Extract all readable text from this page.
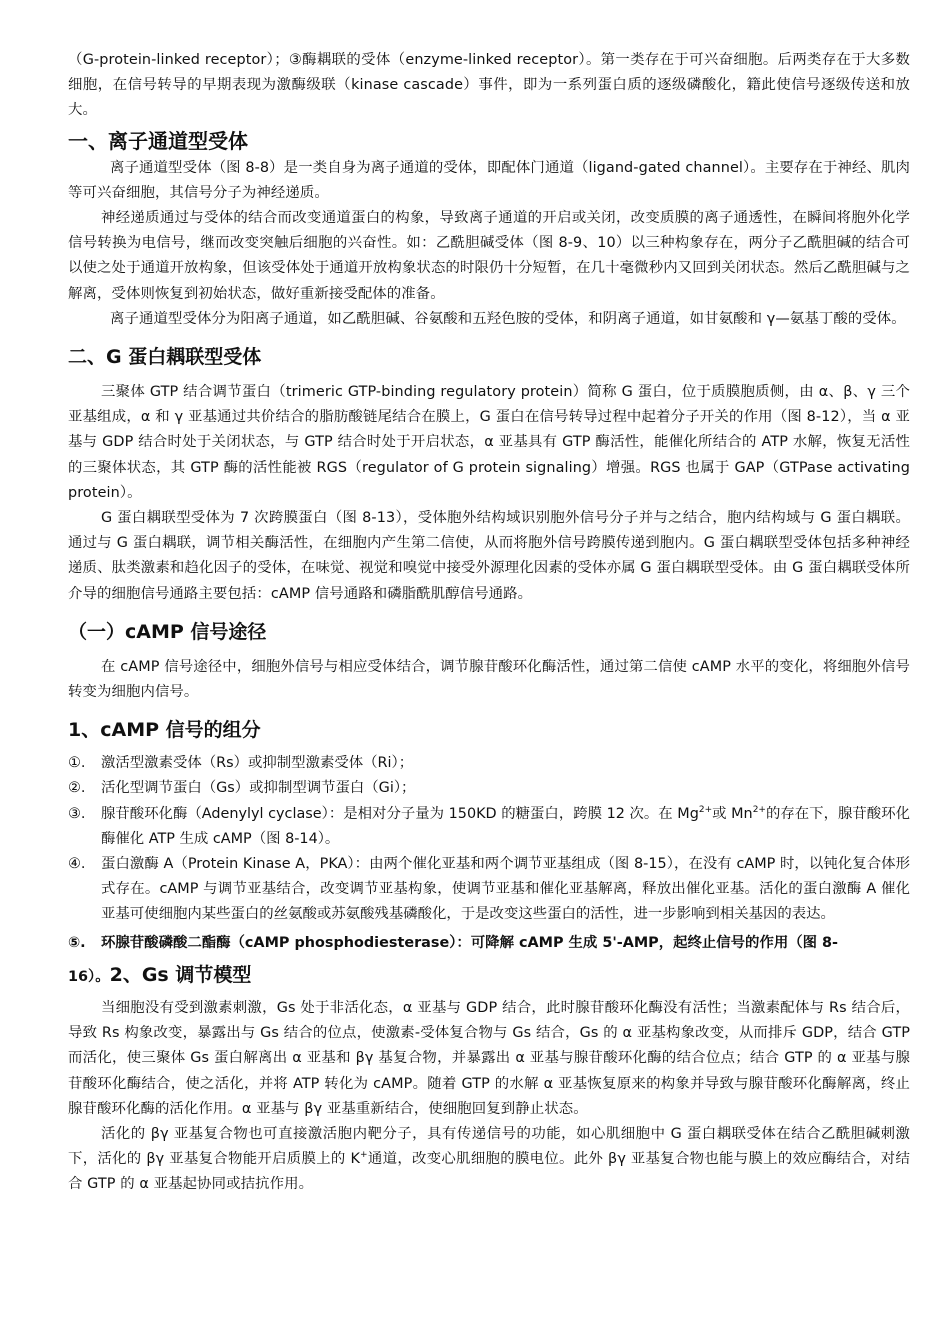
（G-protein-linked receptor）；③酶耦联的受体（enzyme-linked receptor）。第一类存在于可兴奋细胞。后两类存在于大多数细胞，在信号转导的早期表现为激酶级联（kinase cascade）事件，即为一系列蛋白质的逐级磷酸化，籍此使信号逐级传送和放大。

一、离子通道型受体

离子通道型受体（图 8-8）是一类自身为离子通道的受体，即配体门通道（ligand-gated channel）。主要存在于神经、肌肉等可兴奋细胞，其信号分子为神经递质。

神经递质通过与受体的结合而改变通道蛋白的构象，导致离子通道的开启或关闭，改变质膜的离子通透性，在瞬间将胞外化学信号转换为电信号，继而改变突触后细胞的兴奋性。如：乙酰胆碱受体（图 8-9、10）以三种构象存在，两分子乙酰胆碱的结合可以使之处于通道开放构象，但该受体处于通道开放构象状态的时限仍十分短暂，在几十毫微秒内又回到关闭状态。然后乙酰胆碱与之解离，受体则恢复到初始状态，做好重新接受配体的准备。

离子通道型受体分为阳离子通道，如乙酰胆碱、谷氨酸和五羟色胺的受体，和阴离子通道，如甘氨酸和 γ—氨基丁酸的受体。

二、G 蛋白耦联型受体

三聚体 GTP 结合调节蛋白（trimeric GTP-binding regulatory protein）简称 G 蛋白，位于质膜胞质侧，由 α、β、γ 三个亚基组成，α 和 γ 亚基通过共价结合的脂肪酸链尾结合在膜上，G 蛋白在信号转导过程中起着分子开关的作用（图 8-12），当 α 亚基与 GDP 结合时处于关闭状态，与 GTP 结合时处于开启状态，α 亚基具有 GTP 酶活性，能催化所结合的 ATP 水解，恢复无活性的三聚体状态，其 GTP 酶的活性能被 RGS（regulator of G protein signaling）增强。RGS 也属于 GAP（GTPase activating protein）。

G 蛋白耦联型受体为 7 次跨膜蛋白（图 8-13），受体胞外结构域识别胞外信号分子并与之结合，胞内结构域与 G 蛋白耦联。通过与 G 蛋白耦联，调节相关酶活性，在细胞内产生第二信使，从而将胞外信号跨膜传递到胞内。G 蛋白耦联型受体包括多种神经递质、肽类激素和趋化因子的受体，在味觉、视觉和嗅觉中接受外源理化因素的受体亦属 G 蛋白耦联型受体。由 G 蛋白耦联受体所介导的细胞信号通路主要包括：cAMP 信号通路和磷脂酰肌醇信号通路。

（一）cAMP 信号途径

在 cAMP 信号途径中，细胞外信号与相应受体结合，调节腺苷酸环化酶活性，通过第二信使 cAMP 水平的变化，将细胞外信号转变为细胞内信号。

1、cAMP 信号的组分
①. 激活型激素受体（Rs）或抑制型激素受体（Ri）；
②. 活化型调节蛋白（Gs）或抑制型调节蛋白（Gi）；
③. 腺苷酸环化酶（Adenylyl cyclase）：是相对分子量为 150KD 的糖蛋白，跨膜 12 次。在 $Mg^{2+}$或 $Mn^{2+}$的存在下，腺苷酸环化酶催化 ATP 生成 cAMP（图 8-14）。
④. 蛋白激酶 A（Protein Kinase A，PKA）：由两个催化亚基和两个调节亚基组成（图 8-15），在没有 cAMP 时，以钝化复合体形式存在。cAMP 与调节亚基结合，改变调节亚基构象，使调节亚基和催化亚基解离，释放出催化亚基。活化的蛋白激酶 A 催化亚基可使细胞内某些蛋白的丝氨酸或苏氨酸残基磷酸化，于是改变这些蛋白的活性，进一步影响到相关基因的表达。
⑤. 环腺苷酸磷酸二酯酶（cAMP phosphodiesterase）：可降解 cAMP 生成 5'-AMP，起终止信号的作用（图 8-
16）。2、Gs 调节模型

当细胞没有受到激素刺激，Gs 处于非活化态，α 亚基与 GDP 结合，此时腺苷酸环化酶没有活性；当激素配体与 Rs 结合后，导致 Rs 构象改变，暴露出与 Gs 结合的位点，使激素-受体复合物与 Gs 结合，Gs 的 α 亚基构象改变，从而排斥 GDP，结合 GTP 而活化，使三聚体 Gs 蛋白解离出 α 亚基和 βγ 基复合物，并暴露出 α 亚基与腺苷酸环化酶的结合位点；结合 GTP 的 α 亚基与腺苷酸环化酶结合，使之活化，并将 ATP 转化为 cAMP。随着 GTP 的水解 α 亚基恢复原来的构象并导致与腺苷酸环化酶解离，终止腺苷酸环化酶的活化作用。α 亚基与 βγ 亚基重新结合，使细胞回复到静止状态。

活化的 βγ 亚基复合物也可直接激活胞内靶分子，具有传递信号的功能，如心肌细胞中 G 蛋白耦联受体在结合乙酰胆碱刺激下，活化的 βγ 亚基复合物能开启质膜上的 K+通道，改变心肌细胞的膜电位。此外 βγ 亚基复合物也能与膜上的效应酶结合，对结合 GTP 的 α 亚基起协同或拮抗作用。
